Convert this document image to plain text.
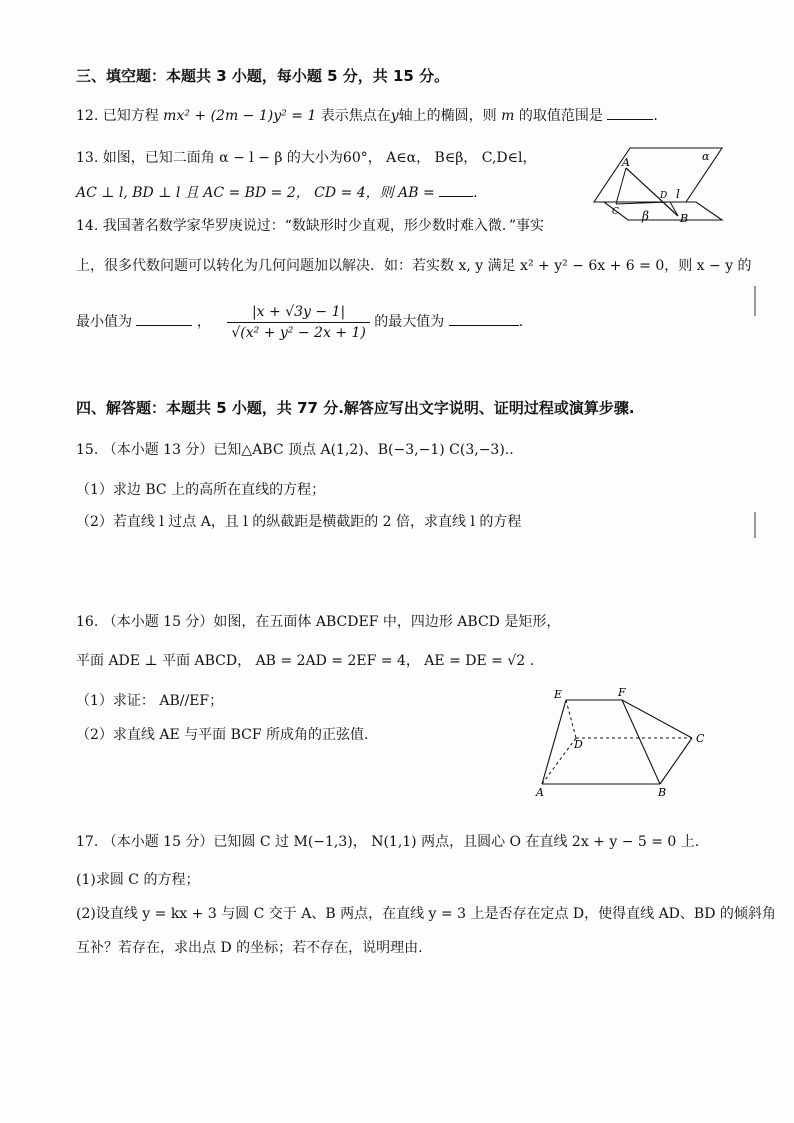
三、填空题：本题共 3 小题，每小题 5 分，共 15 分。
12. 已知方程 mx² + (2m − 1)y² = 1 表示焦点在y轴上的椭圆，则 m 的取值范围是	.
13. 如图，已知二面角 α − l − β 的大小为60°， A∈α， B∈β， C,D∈l，
AC ⊥ l, BD ⊥ l 且 AC = BD = 2， CD = 4，则 AB =	.
α
A
C
D l
β	B
14. 我国著名数学家华罗庚说过：“数缺形时少直观，形少数时难入微．”事实
上，很多代数问题可以转化为几何问题加以解决．如：若实数 x, y 满足 x² + y² − 6x + 6 = 0，则 x − y 的
最小值为	， $\frac{|x + √3y - 1|}{\text{√(x² + y² − 2x + 1)}}$ 的最大值为	.
四、解答题：本题共 5 小题，共 77 分.解答应写出文字说明、证明过程或演算步骤.
15. （本小题 13 分）已知△ABC 顶点 A(1,2)、B(−3,−1) C(3,−3)..
（1）求边 BC 上的高所在直线的方程；
（2）若直线 l 过点 A，且 l 的纵截距是横截距的 2 倍，求直线 l 的方程
16. （本小题 15 分）如图，在五面体 ABCDEF 中，四边形 ABCD 是矩形，
平面 ADE ⊥ 平面 ABCD， AB = 2AD = 2EF = 4， AE = DE = √2 .
（1）求证： AB//EF；
（2）求直线 AE 与平面 BCF 所成角的正弦值.
E	F
D	C
A	B
17. （本小题 15 分）已知圆 C 过 M(−1,3)， N(1,1) 两点，且圆心 O 在直线 2x + y − 5 = 0 上.
(1)求圆 C 的方程；
(2)设直线 y = kx + 3 与圆 C 交于 A、B 两点，在直线 y = 3 上是否存在定点 D，使得直线 AD、BD 的倾斜角
互补？若存在，求出点 D 的坐标；若不存在，说明理由.
